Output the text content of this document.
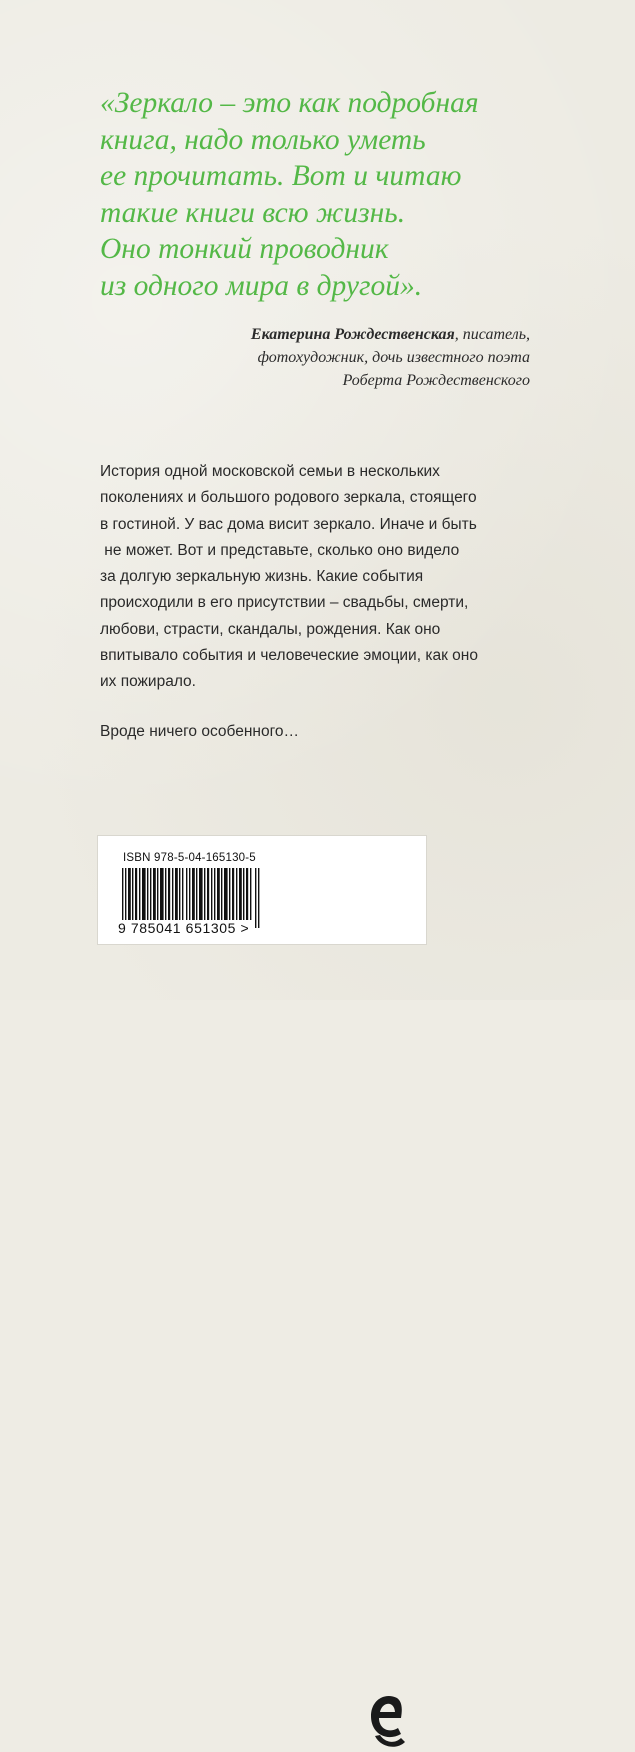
«Зеркало – это как подробная
книга, надо только уметь
ее прочитать. Вот и читаю
такие книги всю жизнь.
Оно тонкий проводник
из одного мира в другой».
Екатерина Рождественская, писатель,
фотохудожник, дочь известного поэта
Роберта Рождественского
История одной московской семьи в нескольких
поколениях и большого родового зеркала, стоящего
в гостиной. У вас дома висит зеркало. Иначе и быть
не может. Вот и представьте, сколько оно видело
за долгую зеркальную жизнь. Какие события
происходили в его присутствии – свадьбы, смерти,
любови, страсти, скандалы, рождения. Как оно
впитывало события и человеческие эмоции, как оно
их пожирало.
Вроде ничего особенного…
ISBN 978-5-04-165130-5
9 785041 651305 >
